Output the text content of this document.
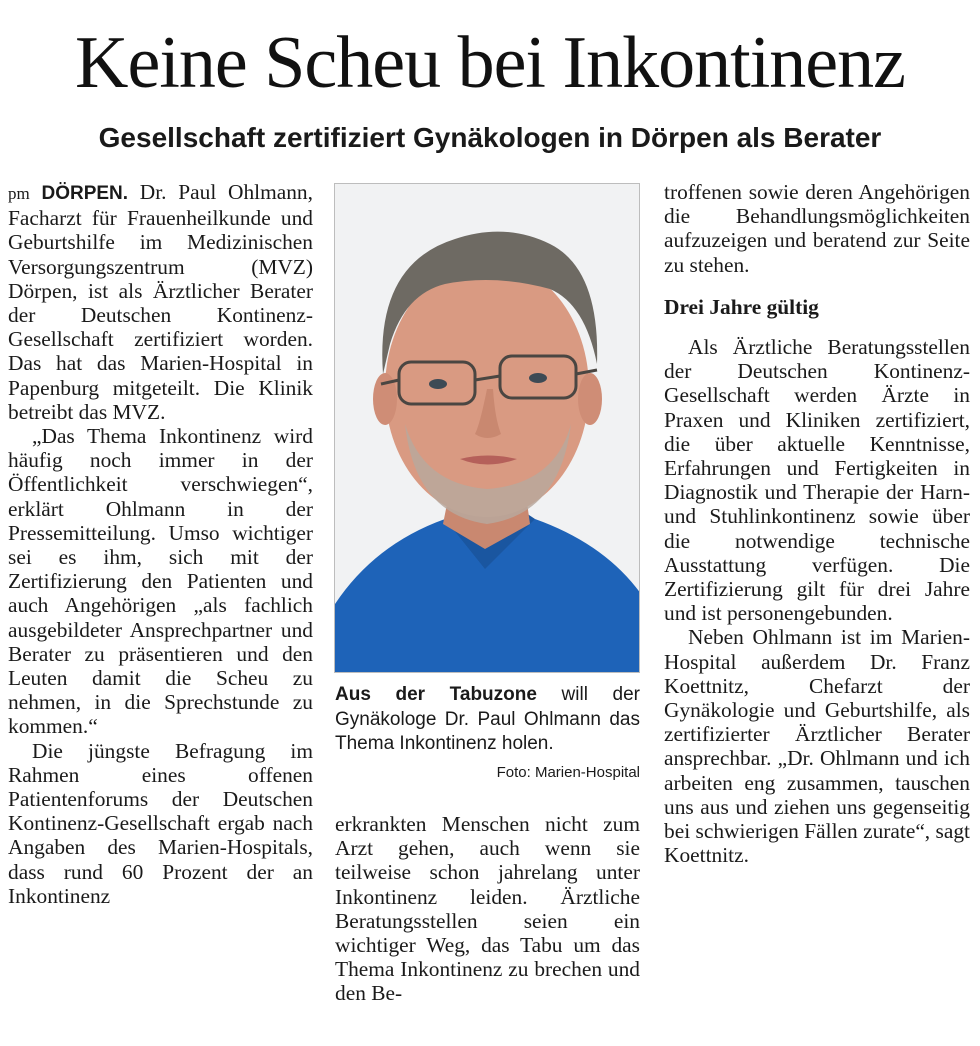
Keine Scheu bei Inkontinenz
Gesellschaft zertifiziert Gynäkologen in Dörpen als Berater

pm DÖRPEN. Dr. Paul Ohlmann, Facharzt für Frauenheilkunde und Geburtshilfe im Medizinischen Versorgungszentrum (MVZ) Dörpen, ist als Ärztlicher Berater der Deutschen Kontinenz-Gesellschaft zertifiziert worden. Das hat das Marien-Hospital in Papenburg mitgeteilt. Die Klinik betreibt das MVZ.

„Das Thema Inkontinenz wird häufig noch immer in der Öffentlichkeit verschwiegen“, erklärt Ohlmann in der Pressemitteilung. Umso wichtiger sei es ihm, sich mit der Zertifizierung den Patienten und auch Angehörigen „als fachlich ausgebildeter Ansprechpartner und Berater zu präsentieren und den Leuten damit die Scheu zu nehmen, in die Sprechstunde zu kommen.“

Die jüngste Befragung im Rahmen eines offenen Patientenforums der Deutschen Kontinenz-Gesellschaft ergab nach Angaben des Marien-Hospitals, dass rund 60 Prozent der an Inkontinenz

Aus der Tabuzone will der Gynäkologe Dr. Paul Ohlmann das Thema Inkontinenz holen.
Foto: Marien-Hospital

erkrankten Menschen nicht zum Arzt gehen, auch wenn sie teilweise schon jahrelang unter Inkontinenz leiden. Ärztliche Beratungsstellen seien ein wichtiger Weg, das Tabu um das Thema Inkontinenz zu brechen und den Be-

troffenen sowie deren Angehörigen die Behandlungsmöglichkeiten aufzuzeigen und beratend zur Seite zu stehen.

Drei Jahre gültig

Als Ärztliche Beratungsstellen der Deutschen Kontinenz-Gesellschaft werden Ärzte in Praxen und Kliniken zertifiziert, die über aktuelle Kenntnisse, Erfahrungen und Fertigkeiten in Diagnostik und Therapie der Harn- und Stuhlinkontinenz sowie über die notwendige technische Ausstattung verfügen. Die Zertifizierung gilt für drei Jahre und ist personengebunden.

Neben Ohlmann ist im Marien-Hospital außerdem Dr. Franz Koettnitz, Chefarzt der Gynäkologie und Geburtshilfe, als zertifizierter Ärztlicher Berater ansprechbar. „Dr. Ohlmann und ich arbeiten eng zusammen, tauschen uns aus und ziehen uns gegenseitig bei schwierigen Fällen zurate“, sagt Koettnitz.
